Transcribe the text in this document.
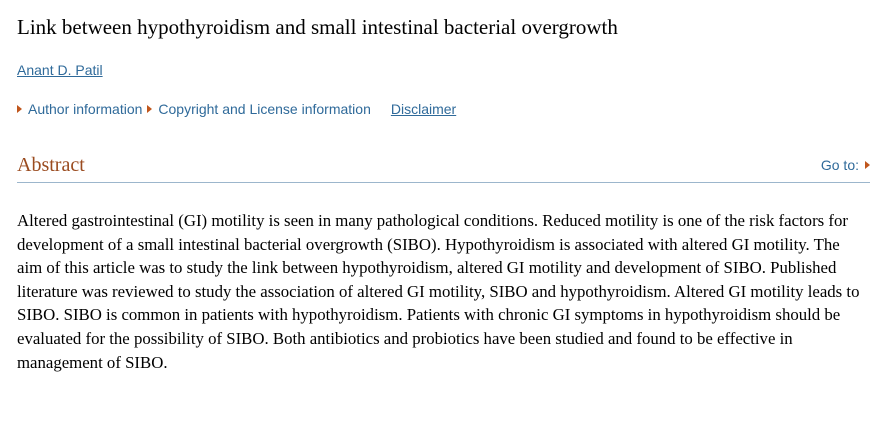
Link between hypothyroidism and small intestinal bacterial overgrowth
Anant D. Patil
Author information Copyright and License information Disclaimer
Abstract	Go to:

Altered gastrointestinal (GI) motility is seen in many pathological conditions. Reduced motility is one of the risk factors for development of a small intestinal bacterial overgrowth (SIBO). Hypothyroidism is associated with altered GI motility. The aim of this article was to study the link between hypothyroidism, altered GI motility and development of SIBO. Published literature was reviewed to study the association of altered GI motility, SIBO and hypothyroidism. Altered GI motility leads to SIBO. SIBO is common in patients with hypothyroidism. Patients with chronic GI symptoms in hypothyroidism should be evaluated for the possibility of SIBO. Both antibiotics and probiotics have been studied and found to be effective in management of SIBO.
